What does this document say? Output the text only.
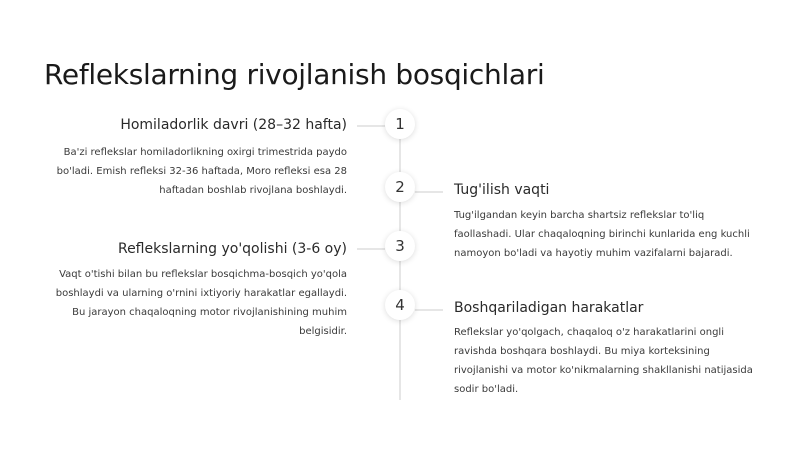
Reflekslarning rivojlanish bosqichlari
1
Homiladorlik davri (28–32 hafta)
Ba'zi reflekslar homiladorlikning oxirgi trimestrida paydo bo'ladi. Emish refleksi 32-36 haftada, Moro refleksi esa 28 haftadan boshlab rivojlana boshlaydi.	2	Tug'ilish vaqti
Tug'ilgandan keyin barcha shartsiz reflekslar to'liq faollashadi. Ular chaqaloqning birinchi kunlarida eng kuchli namoyon bo'ladi va hayotiy muhim vazifalarni bajaradi.
3
Reflekslarning yo'qolishi (3-6 oy)
Vaqt o'tishi bilan bu reflekslar bosqichma-bosqich yo'qola boshlaydi va ularning o'rnini ixtiyoriy harakatlar egallaydi. Bu jarayon chaqaloqning motor rivojlanishining muhim belgisidir.
4	Boshqariladigan harakatlar
Reflekslar yo'qolgach, chaqaloq o'z harakatlarini ongli ravishda boshqara boshlaydi. Bu miya korteksining rivojlanishi va motor ko'nikmalarning shakllanishi natijasida sodir bo'ladi.
